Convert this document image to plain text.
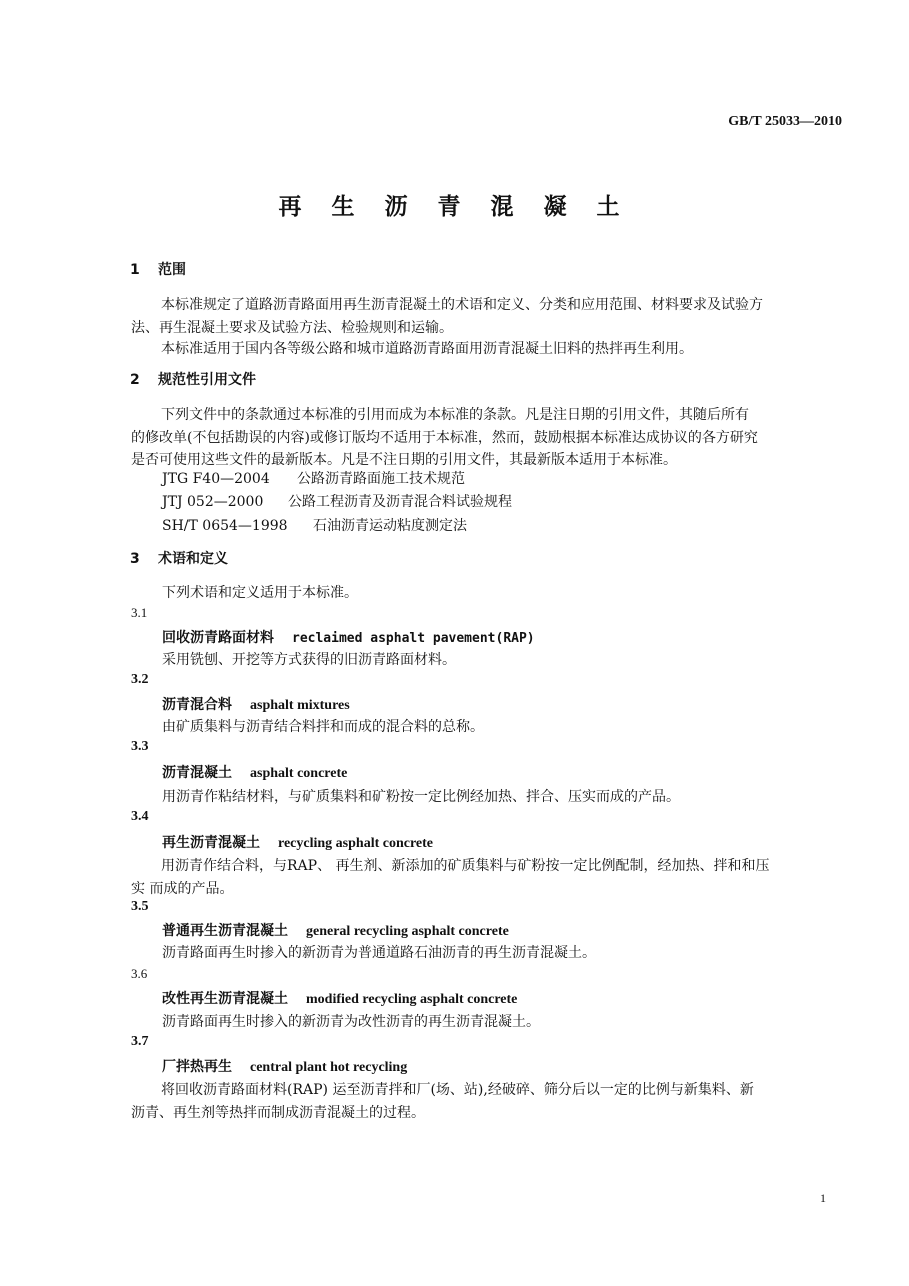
GB/T 25033—2010
再 生 沥 青 混 凝 土
1 范围
本标准规定了道路沥青路面用再生沥青混凝土的术语和定义、分类和应用范围、材料要求及试验方
法、再生混凝土要求及试验方法、检验规则和运输。
本标准适用于国内各等级公路和城市道路沥青路面用沥青混凝土旧料的热拌再生利用。
2 规范性引用文件
下列文件中的条款通过本标准的引用而成为本标准的条款。凡是注日期的引用文件，其随后所有
的修改单(不包括勘误的内容)或修订版均不适用于本标准，然而，鼓励根据本标准达成协议的各方研究
是否可使用这些文件的最新版本。凡是不注日期的引用文件，其最新版本适用于本标准。
JTG F40—2004 公路沥青路面施工技术规范
JTJ 052—2000 公路工程沥青及沥青混合料试验规程
SH/T 0654—1998 石油沥青运动粘度测定法
3 术语和定义
下列术语和定义适用于本标准。
3.1
回收沥青路面材料 reclaimed asphalt pavement(RAP)
采用铣刨、开挖等方式获得的旧沥青路面材料。
3.2
沥青混合料 asphalt mixtures
由矿质集料与沥青结合料拌和而成的混合料的总称。
3.3
沥青混凝土 asphalt concrete
用沥青作粘结材料，与矿质集料和矿粉按一定比例经加热、拌合、压实而成的产品。
3.4
再生沥青混凝土 recycling asphalt concrete
用沥青作结合料，与RAP、 再生剂、新添加的矿质集料与矿粉按一定比例配制，经加热、拌和和压
实 而成的产品。
3.5
普通再生沥青混凝土 general recycling asphalt concrete
沥青路面再生时掺入的新沥青为普通道路石油沥青的再生沥青混凝土。
3.6
改性再生沥青混凝土 modified recycling asphalt concrete
沥青路面再生时掺入的新沥青为改性沥青的再生沥青混凝土。
3.7
厂拌热再生 central plant hot recycling
将回收沥青路面材料(RAP) 运至沥青拌和厂(场、站),经破碎、筛分后以一定的比例与新集料、新
沥青、再生剂等热拌而制成沥青混凝土的过程。
1
